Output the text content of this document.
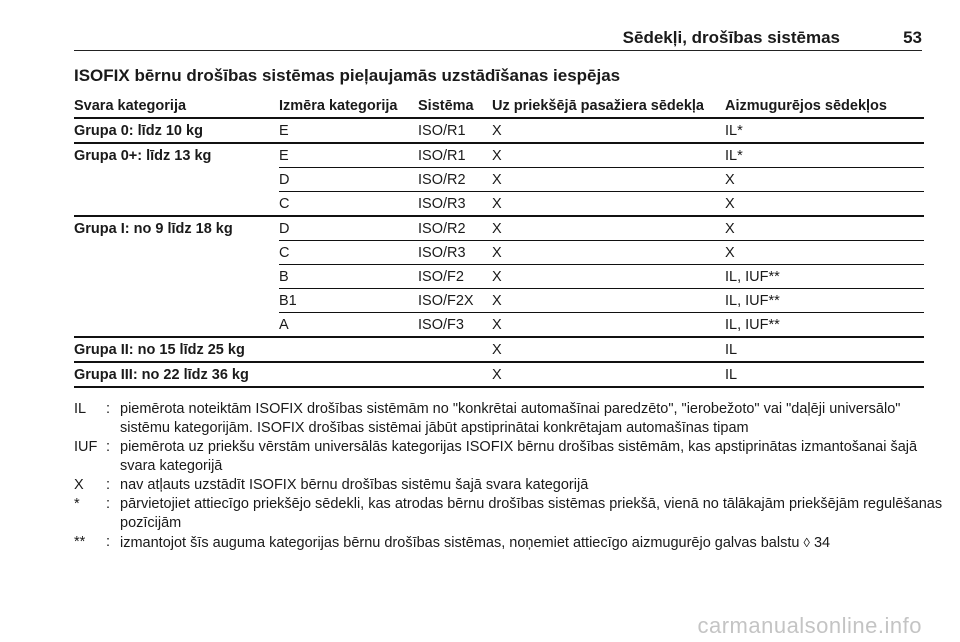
Sēdekļi, drošības sistēmas	53
ISOFIX bērnu drošības sistēmas pieļaujamās uzstādīšanas iespējas
Svara kategorija	Izmēra kategorija	Sistēma	Uz priekšējā pasažiera sēdekļa	Aizmugurējos sēdekļos
Grupa 0: līdz 10 kg	E	ISO/R1	X	IL*
Grupa 0+: līdz 13 kg	E	ISO/R1	X	IL*
	D	ISO/R2	X	X
	C	ISO/R3	X	X
Grupa I: no 9 līdz 18 kg	D	ISO/R2	X	X
	C	ISO/R3	X	X
	B	ISO/F2	X	IL, IUF**
	B1	ISO/F2X	X	IL, IUF**
	A	ISO/F3	X	IL, IUF**
Grupa II: no 15 līdz 25 kg			X	IL
Grupa III: no 22 līdz 36 kg			X	IL
IL	: piemērota noteiktām ISOFIX drošības sistēmām no "konkrētai automašīnai paredzēto", "ierobežoto" vai "daļēji universālo" sistēmu kategorijām. ISOFIX drošības sistēmai jābūt apstiprinātai konkrētajam automašīnas tipam
IUF : piemērota uz priekšu vērstām universālās kategorijas ISOFIX bērnu drošības sistēmām, kas apstiprinātas izmantošanai šajā svara kategorijā
X	: nav atļauts uzstādīt ISOFIX bērnu drošības sistēmu šajā svara kategorijā
*	: pārvietojiet attiecīgo priekšējo sēdekli, kas atrodas bērnu drošības sistēmas priekšā, vienā no tālākajām priekšējām regulēšanas pozīcijām
**	: izmantojot šīs auguma kategorijas bērnu drošības sistēmas, noņemiet attiecīgo aizmugurējo galvas balstu ◊ 34
carmanualsonline.info
